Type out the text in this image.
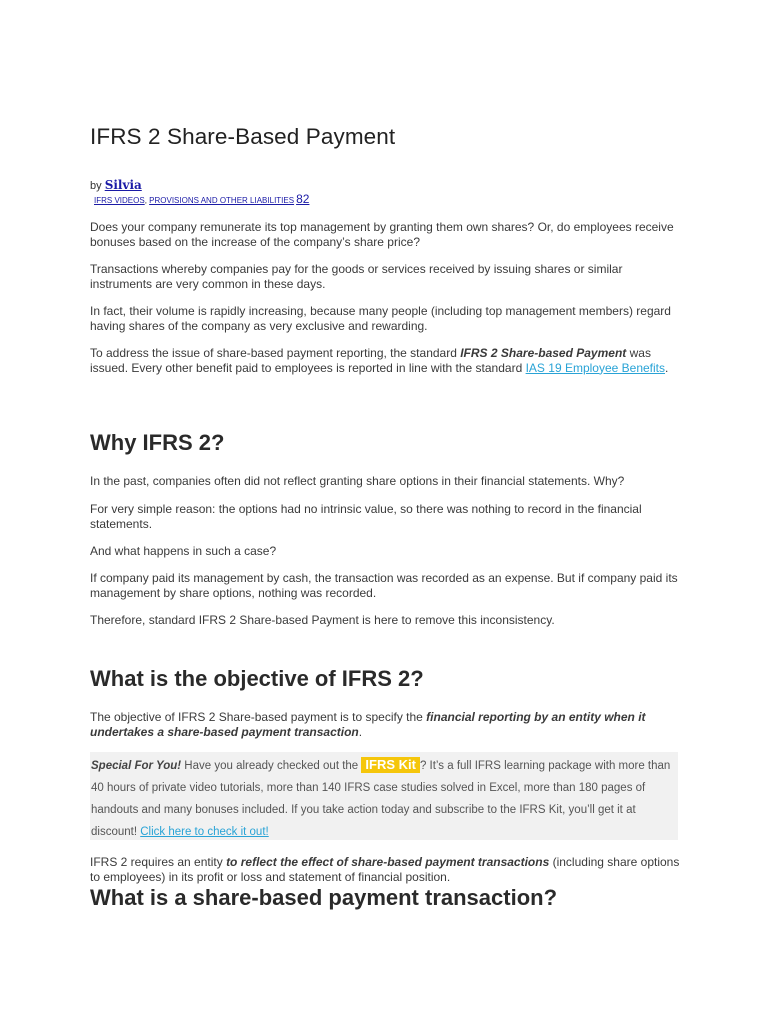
IFRS 2 Share-Based Payment
by Silvia
IFRS VIDEOS, PROVISIONS AND OTHER LIABILITIES 82

Does your company remunerate its top management by granting them own shares? Or, do employees receive bonuses based on the increase of the company’s share price?

Transactions whereby companies pay for the goods or services received by issuing shares or similar instruments are very common in these days.

In fact, their volume is rapidly increasing, because many people (including top management members) regard having shares of the company as very exclusive and rewarding.

To address the issue of share-based payment reporting, the standard IFRS 2 Share-based Payment was issued. Every other benefit paid to employees is reported in line with the standard IAS 19 Employee Benefits.

Why IFRS 2?

In the past, companies often did not reflect granting share options in their financial statements. Why?

For very simple reason: the options had no intrinsic value, so there was nothing to record in the financial statements.

And what happens in such a case?

If company paid its management by cash, the transaction was recorded as an expense. But if company paid its management by share options, nothing was recorded.

Therefore, standard IFRS 2 Share-based Payment is here to remove this inconsistency.

What is the objective of IFRS 2?

The objective of IFRS 2 Share-based payment is to specify the financial reporting by an entity when it undertakes a share-based payment transaction.

Special For You! Have you already checked out the IFRS Kit ? It’s a full IFRS learning package with more than 40 hours of private video tutorials, more than 140 IFRS case studies solved in Excel, more than 180 pages of handouts and many bonuses included. If you take action today and subscribe to the IFRS Kit, you’ll get it at discount! Click here to check it out!

IFRS 2 requires an entity to reflect the effect of share-based payment transactions (including share options to employees) in its profit or loss and statement of financial position.

What is a share-based payment transaction?
